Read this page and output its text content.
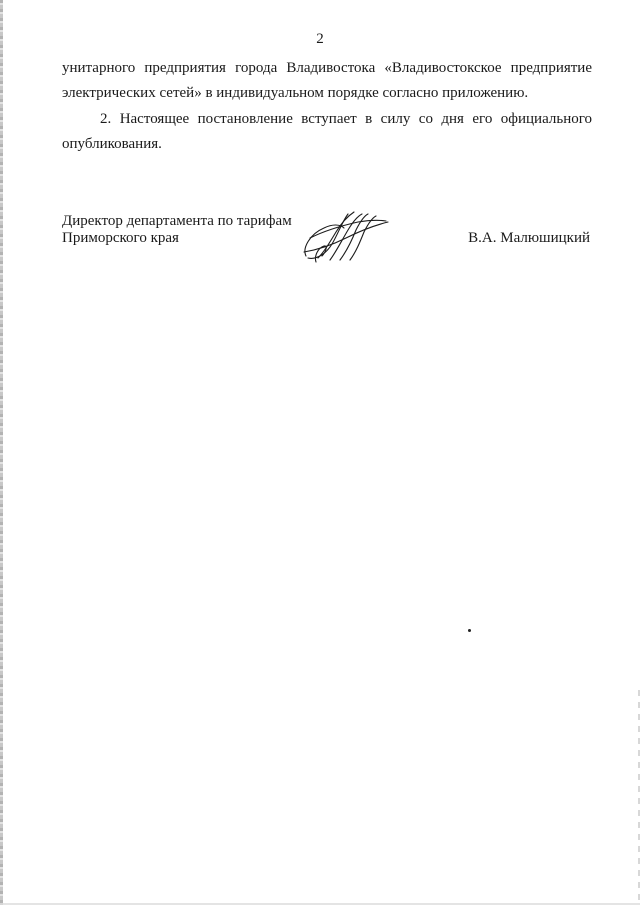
2
унитарного предприятия города Владивостока «Владивостокское предприятие
электрических сетей» в индивидуальном порядке согласно приложению.
2. Настоящее постановление вступает в силу со дня его официального
опубликования.
Директор департамента по тарифам
Приморского края	В.А. Малюшицкий
